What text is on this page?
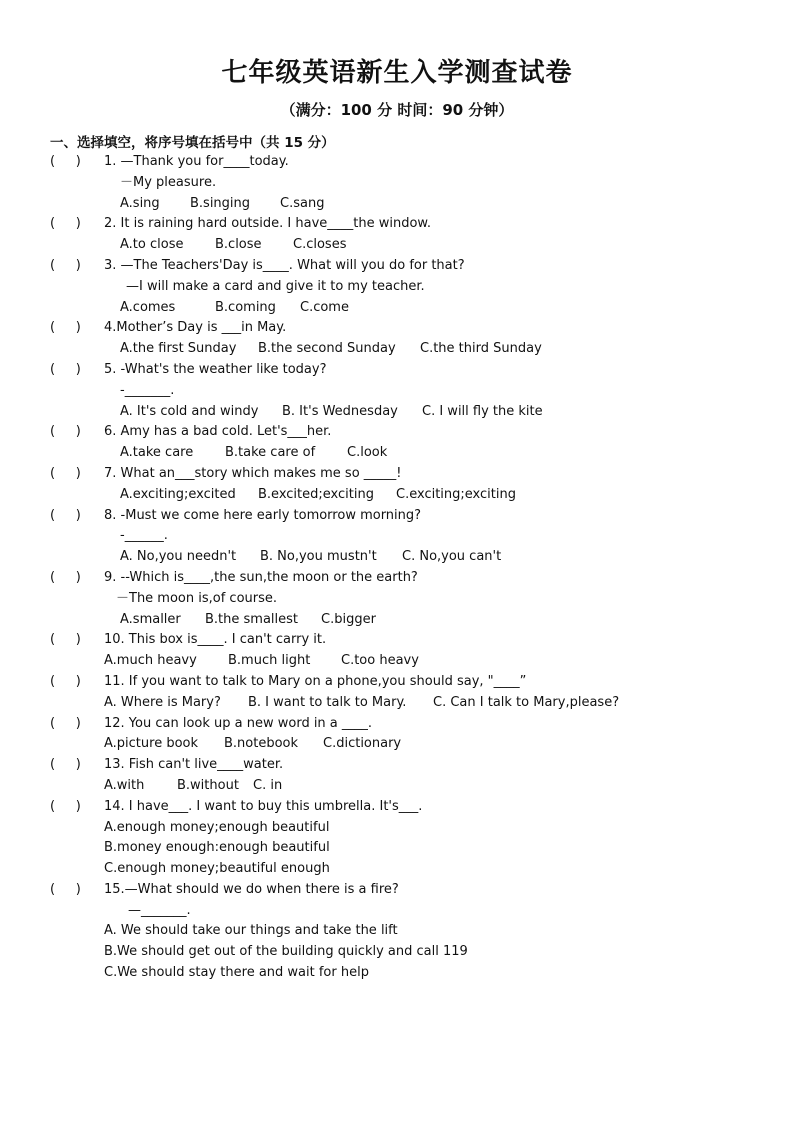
七年级英语新生入学测查试卷
（满分：100 分 时间：90 分钟）
一、选择填空，将序号填在括号中（共 15 分）
(     )	1. —Thank you for____today.
－My pleasure.
A.sing	B.singing	C.sang
(     )	2. It is raining hard outside. I have____the window.
A.to close	B.close	C.closes
(     )	3. —The Teachers'Day is____. What will you do for that?
—I will make a card and give it to my teacher.
A.comes	B.coming	C.come
(     )	4.Mother’s Day is ___in May.
A.the first Sunday	B.the second Sunday	C.the third Sunday
(     )	5. -What's the weather like today?
-_______.
A. It's cold and windy	B. It's Wednesday	C. I will fly the kite
(     )	6. Amy has a bad cold. Let's___her.
A.take care	B.take care of	C.look
(     )	7. What an___story which makes me so _____!
A.exciting;excited	B.excited;exciting	C.exciting;exciting
(     )	8. -Must we come here early tomorrow morning?
-______.
A. No,you needn't	B. No,you mustn't	C. No,you can't
(     )	9. --Which is____,the sun,the moon or the earth?
－The moon is,of course.
A.smaller	B.the smallest	C.bigger
(     )	10. This box is____. I can't carry it.
A.much heavy	B.much light	C.too heavy
(     )	11. If you want to talk to Mary on a phone,you should say, "____”
A. Where is Mary?	B. I want to talk to Mary.	C. Can I talk to Mary,please?
(     )	12. You can look up a new word in a ____.
A.picture book	B.notebook	C.dictionary
(     )	13. Fish can't live____water.
A.with	B.without	C. in
(     )	14. I have___. I want to buy this umbrella. It's___.
A.enough money;enough beautiful
B.money enough:enough beautiful
C.enough money;beautiful enough
(     )	15.—What should we do when there is a fire?
—_______.
A. We should take our things and take the lift
B.We should get out of the building quickly and call 119
C.We should stay there and wait for help
